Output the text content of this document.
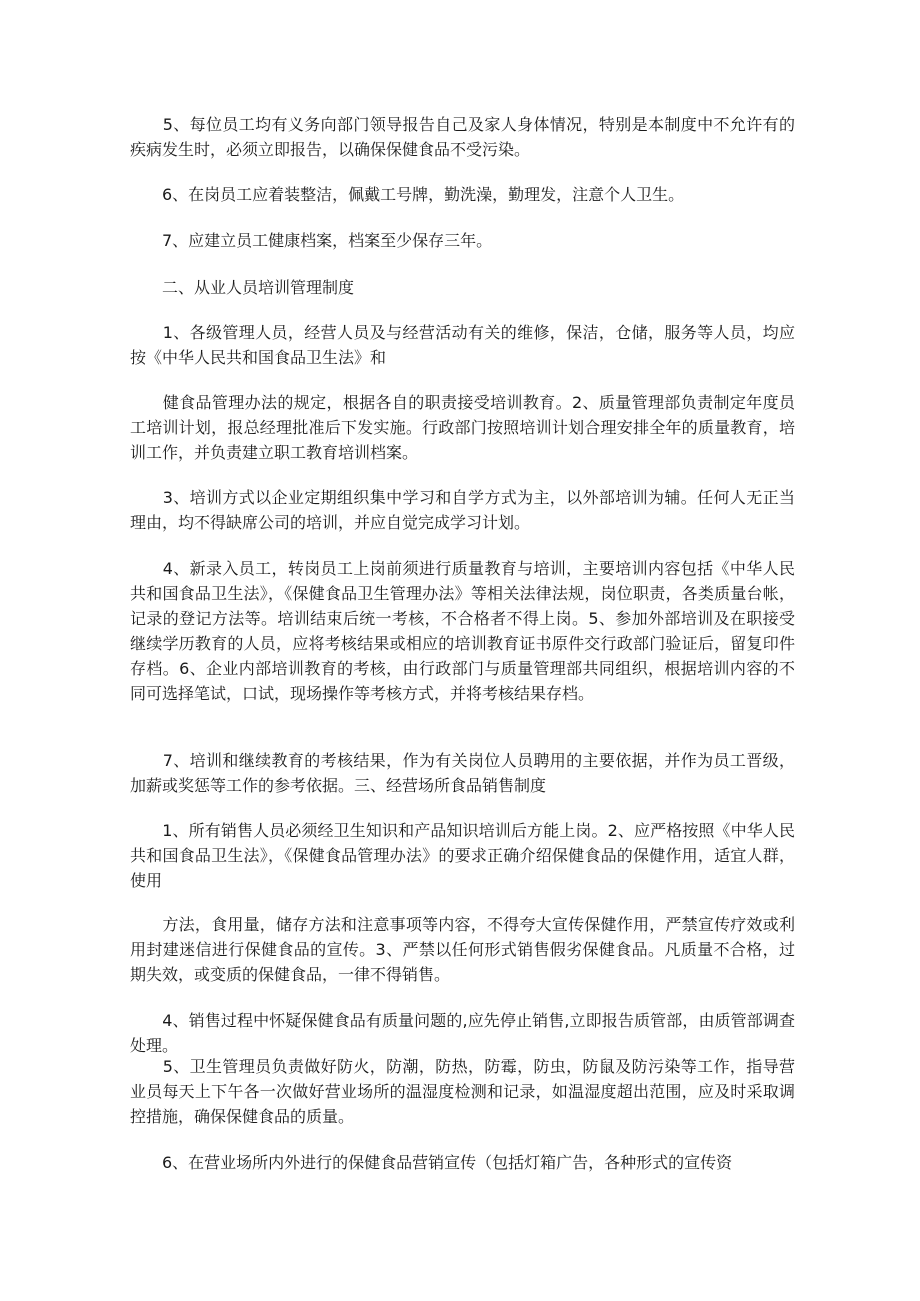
　　5、每位员工均有义务向部门领导报告自己及家人身体情况，特别是本制度中不允许有的疾病发生时，必须立即报告，以确保保健食品不受污染。

　　6、在岗员工应着装整洁，佩戴工号牌，勤洗澡，勤理发，注意个人卫生。

　　7、应建立员工健康档案，档案至少保存三年。

　　二、从业人员培训管理制度

　　1、各级管理人员，经营人员及与经营活动有关的维修，保洁，仓储，服务等人员，均应按《中华人民共和国食品卫生法》和

　　健食品管理办法的规定，根据各自的职责接受培训教育。2、质量管理部负责制定年度员工培训计划，报总经理批准后下发实施。行政部门按照培训计划合理安排全年的质量教育，培训工作，并负责建立职工教育培训档案。

　　3、培训方式以企业定期组织集中学习和自学方式为主，以外部培训为辅。任何人无正当理由，均不得缺席公司的培训，并应自觉完成学习计划。

　　4、新录入员工，转岗员工上岗前须进行质量教育与培训，主要培训内容包括《中华人民共和国食品卫生法》，《保健食品卫生管理办法》等相关法律法规，岗位职责，各类质量台帐，记录的登记方法等。培训结束后统一考核，不合格者不得上岗。5、参加外部培训及在职接受继续学历教育的人员，应将考核结果或相应的培训教育证书原件交行政部门验证后，留复印件存档。6、企业内部培训教育的考核，由行政部门与质量管理部共同组织，根据培训内容的不同可选择笔试，口试，现场操作等考核方式，并将考核结果存档。

　　7、培训和继续教育的考核结果，作为有关岗位人员聘用的主要依据，并作为员工晋级，加薪或奖惩等工作的参考依据。三、经营场所食品销售制度

　　1、所有销售人员必须经卫生知识和产品知识培训后方能上岗。2、应严格按照《中华人民共和国食品卫生法》，《保健食品管理办法》的要求正确介绍保健食品的保健作用，适宜人群，使用

　　方法，食用量，储存方法和注意事项等内容，不得夸大宣传保健作用，严禁宣传疗效或利用封建迷信进行保健食品的宣传。3、严禁以任何形式销售假劣保健食品。凡质量不合格，过期失效，或变质的保健食品，一律不得销售。

　　4、销售过程中怀疑保健食品有质量问题的,应先停止销售,立即报告质管部，由质管部调查处理。

　　5、卫生管理员负责做好防火，防潮，防热，防霉，防虫，防鼠及防污染等工作，指导营业员每天上下午各一次做好营业场所的温湿度检测和记录，如温湿度超出范围，应及时采取调控措施，确保保健食品的质量。

　　6、在营业场所内外进行的保健食品营销宣传（包括灯箱广告，各种形式的宣传资
